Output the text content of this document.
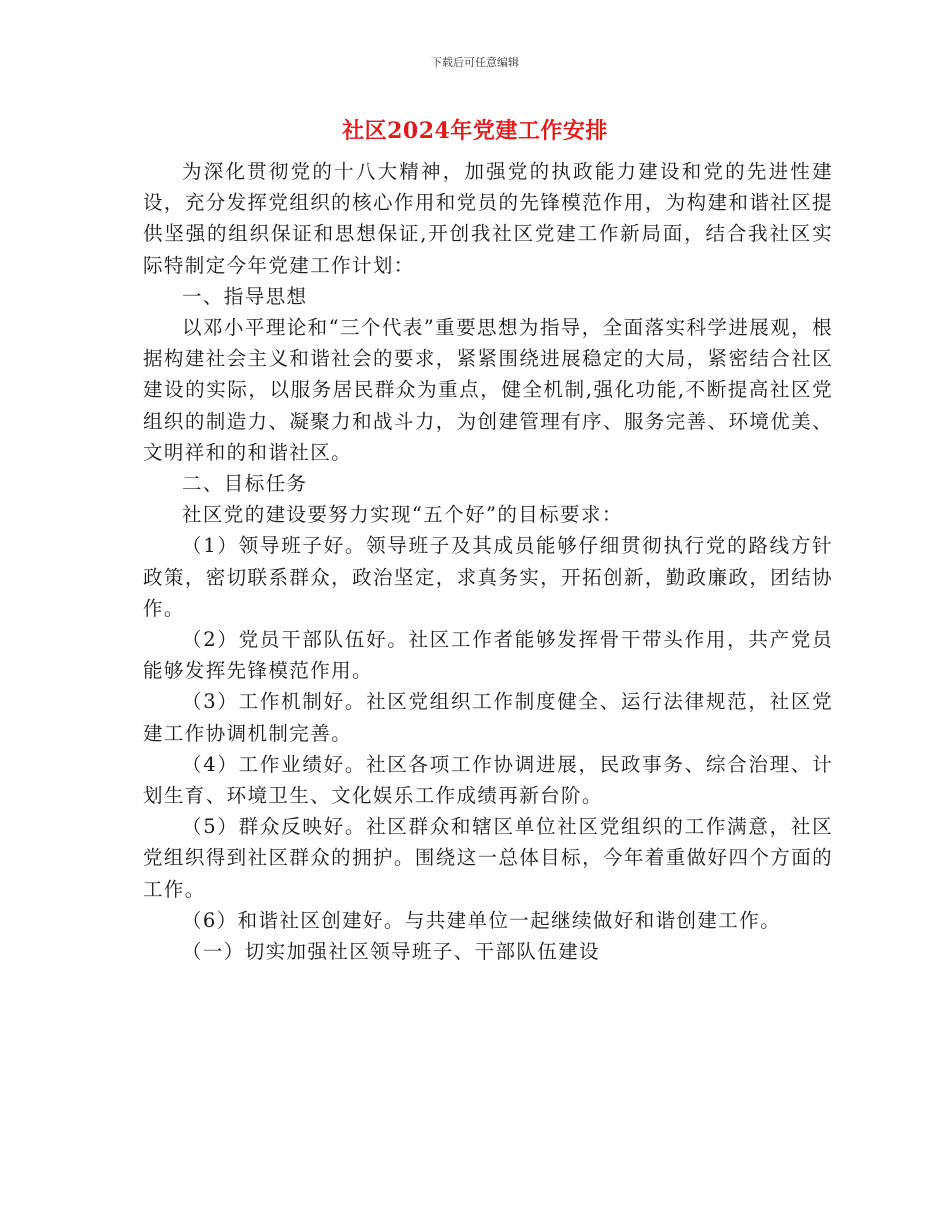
下载后可任意编辑
社区2024年党建工作安排

为深化贯彻党的十八大精神，加强党的执政能力建设和党的先进性建设，充分发挥党组织的核心作用和党员的先锋模范作用，为构建和谐社区提供坚强的组织保证和思想保证,开创我社区党建工作新局面，结合我社区实际特制定今年党建工作计划：

一、指导思想

以邓小平理论和“三个代表”重要思想为指导，全面落实科学进展观，根据构建社会主义和谐社会的要求，紧紧围绕进展稳定的大局，紧密结合社区建设的实际，以服务居民群众为重点，健全机制,强化功能,不断提高社区党组织的制造力、凝聚力和战斗力，为创建管理有序、服务完善、环境优美、文明祥和的和谐社区。

二、目标任务

社区党的建设要努力实现“五个好”的目标要求：

（1）领导班子好。领导班子及其成员能够仔细贯彻执行党的路线方针政策，密切联系群众，政治坚定，求真务实，开拓创新，勤政廉政，团结协作。

（2）党员干部队伍好。社区工作者能够发挥骨干带头作用，共产党员能够发挥先锋模范作用。

（3）工作机制好。社区党组织工作制度健全、运行法律规范，社区党建工作协调机制完善。

（4）工作业绩好。社区各项工作协调进展，民政事务、综合治理、计划生育、环境卫生、文化娱乐工作成绩再新台阶。

（5）群众反映好。社区群众和辖区单位社区党组织的工作满意，社区党组织得到社区群众的拥护。围绕这一总体目标，今年着重做好四个方面的工作。

（6）和谐社区创建好。与共建单位一起继续做好和谐创建工作。

（一）切实加强社区领导班子、干部队伍建设
